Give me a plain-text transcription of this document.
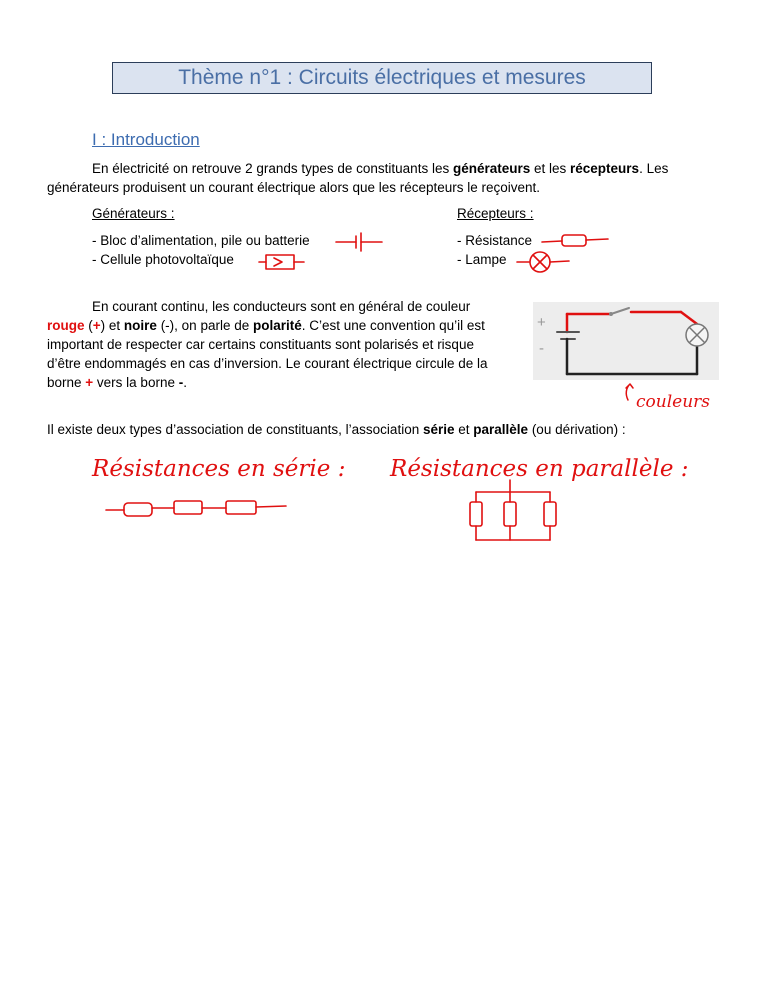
Thème n°1 : Circuits électriques et mesures
I : Introduction
En électricité on retrouve 2 grands types de constituants les générateurs et les récepteurs. Les
générateurs produisent un courant électrique alors que les récepteurs le reçoivent.
Générateurs :
- Bloc d’alimentation, pile ou batterie
- Cellule photovoltaïque
Récepteurs :
- Résistance
- Lampe
En courant continu, les conducteurs sont en général de couleur
rouge (+) et noire (-), on parle de polarité. C’est une convention qu’il est
important de respecter car certains constituants sont polarisés et risque
d’être endommagés en cas d’inversion. Le courant électrique circule de la
borne + vers la borne -.
+
-
couleurs
Il existe deux types d’association de constituants, l’association série et parallèle (ou dérivation) :
Résistances en série : Résistances en parallèle :
